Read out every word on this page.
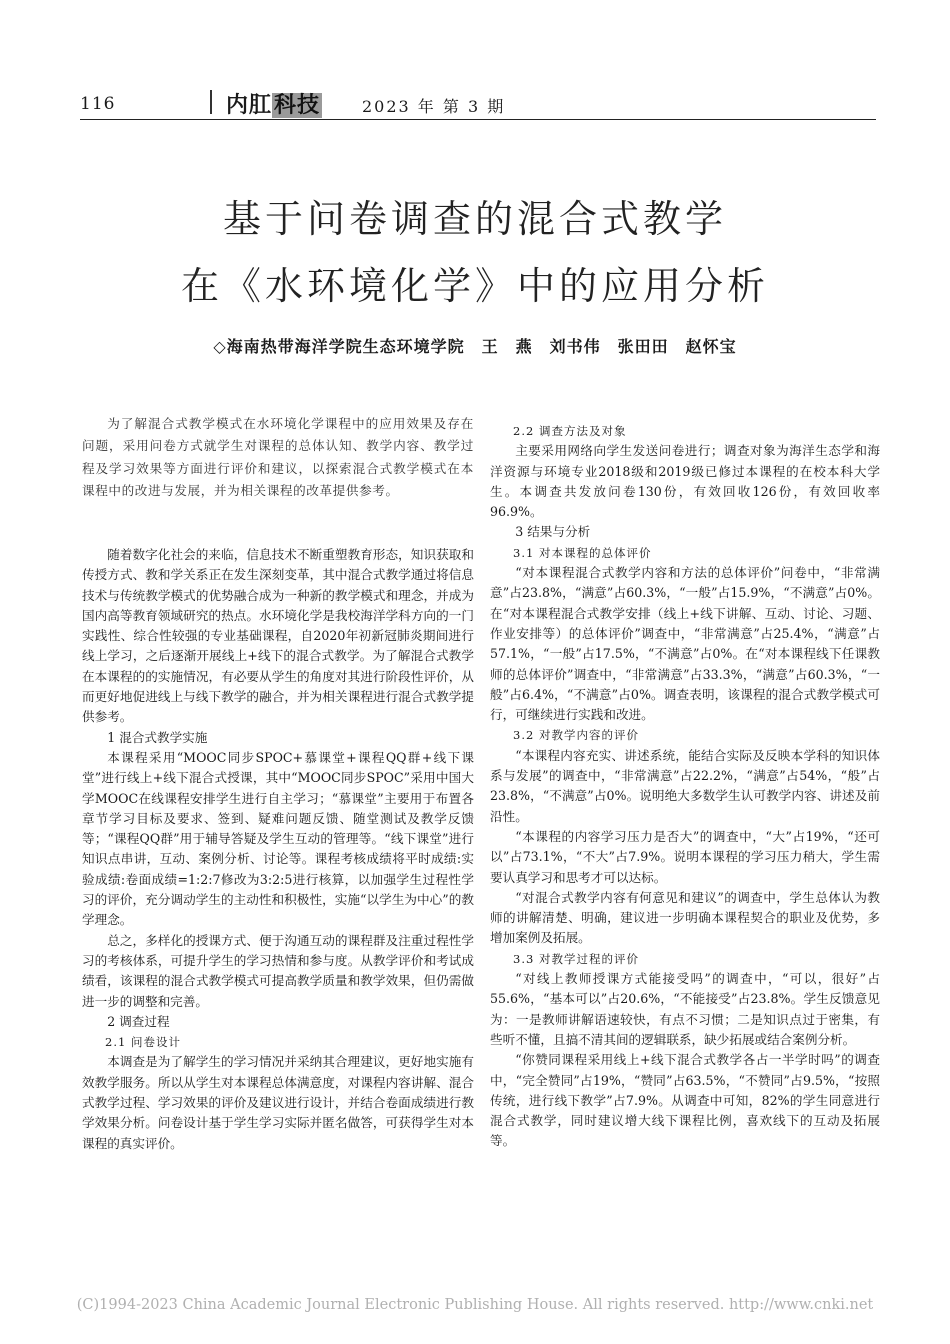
116	内肛科技	2023 年 第 3 期
基于问卷调查的混合式教学
在《水环境化学》中的应用分析
◇海南热带海洋学院生态环境学院　王　燕　刘书伟　张田田　赵怀宝
为了解混合式教学模式在水环境化学课程中的应用效果及存在问题，采用问卷方式就学生对课程的总体认知、教学内容、教学过程及学习效果等方面进行评价和建议，以探索混合式教学模式在本课程中的改进与发展，并为相关课程的改革提供参考。

随着数字化社会的来临，信息技术不断重塑教育形态，知识获取和传授方式、教和学关系正在发生深刻变革，其中混合式教学通过将信息技术与传统教学模式的优势融合成为一种新的教学模式和理念，并成为国内高等教育领域研究的热点。水环境化学是我校海洋学科方向的一门实践性、综合性较强的专业基础课程，自2020年初新冠肺炎期间进行线上学习，之后逐渐开展线上+线下的混合式教学。为了解混合式教学在本课程的的实施情况，有必要从学生的角度对其进行阶段性评价，从而更好地促进线上与线下教学的融合，并为相关课程进行混合式教学提供参考。

1 混合式教学实施

本课程采用“MOOC同步SPOC+慕课堂+课程QQ群+线下课堂”进行线上+线下混合式授课，其中“MOOC同步SPOC”采用中国大学MOOC在线课程安排学生进行自主学习；“慕课堂”主要用于布置各章节学习目标及要求、签到、疑难问题反馈、随堂测试及教学反馈等；“课程QQ群”用于辅导答疑及学生互动的管理等。“线下课堂”进行知识点串讲，互动、案例分析、讨论等。课程考核成绩将平时成绩:实验成绩:卷面成绩=1:2:7修改为3:2:5进行核算，以加强学生过程性学习的评价，充分调动学生的主动性和积极性，实施“以学生为中心”的教学理念。

总之，多样化的授课方式、便于沟通互动的课程群及注重过程性学习的考核体系，可提升学生的学习热情和参与度。从教学评价和考试成绩看，该课程的混合式教学模式可提高教学质量和教学效果，但仍需做进一步的调整和完善。

2 调查过程
2.1 问卷设计

本调查是为了解学生的学习情况并采纳其合理建议，更好地实施有效教学服务。所以从学生对本课程总体满意度，对课程内容讲解、混合式教学过程、学习效果的评价及建议进行设计，并结合卷面成绩进行教学效果分析。问卷设计基于学生学习实际并匿名做答，可获得学生对本课程的真实评价。

2.2 调查方法及对象

主要采用网络向学生发送问卷进行；调查对象为海洋生态学和海洋资源与环境专业2018级和2019级已修过本课程的在校本科大学生。本调查共发放问卷130份，有效回收126份，有效回收率96.9%。

3 结果与分析
3.1 对本课程的总体评价

“对本课程混合式教学内容和方法的总体评价”问卷中，“非常满意”占23.8%，“满意”占60.3%，“一般”占15.9%，“不满意”占0%。在“对本课程混合式教学安排（线上+线下讲解、互动、讨论、习题、作业安排等）的总体评价”调查中，“非常满意”占25.4%，“满意”占57.1%，“一般”占17.5%，“不满意”占0%。在“对本课程线下任课教师的总体评价”调查中，“非常满意”占33.3%，“满意”占60.3%，“一般”占6.4%，“不满意”占0%。调查表明，该课程的混合式教学模式可行，可继续进行实践和改进。

3.2 对教学内容的评价

“本课程内容充实、讲述系统，能结合实际及反映本学科的知识体系与发展”的调查中，“非常满意”占22.2%，“满意”占54%，“般”占23.8%，“不满意”占0%。说明绝大多数学生认可教学内容、讲述及前沿性。

“本课程的内容学习压力是否大”的调查中，“大”占19%，“还可以”占73.1%，“不大”占7.9%。说明本课程的学习压力稍大，学生需要认真学习和思考才可以达标。

“对混合式教学内容有何意见和建议”的调查中，学生总体认为教师的讲解清楚、明确，建议进一步明确本课程契合的职业及优势，多增加案例及拓展。

3.3 对教学过程的评价

“对线上教师授课方式能接受吗”的调查中，“可以，很好”占55.6%，“基本可以”占20.6%，“不能接受”占23.8%。学生反馈意见为：一是教师讲解语速较快，有点不习惯；二是知识点过于密集，有些听不懂，且搞不清其间的逻辑联系，缺少拓展或结合案例分析。

“你赞同课程采用线上+线下混合式教学各占一半学时吗”的调查中，“完全赞同”占19%，“赞同”占63.5%，“不赞同”占9.5%，“按照传统，进行线下教学”占7.9%。从调查中可知，82%的学生同意进行混合式教学，同时建议增大线下课程比例，喜欢线下的互动及拓展等。

(C)1994-2023 China Academic Journal Electronic Publishing House. All rights reserved. http://www.cnki.net
